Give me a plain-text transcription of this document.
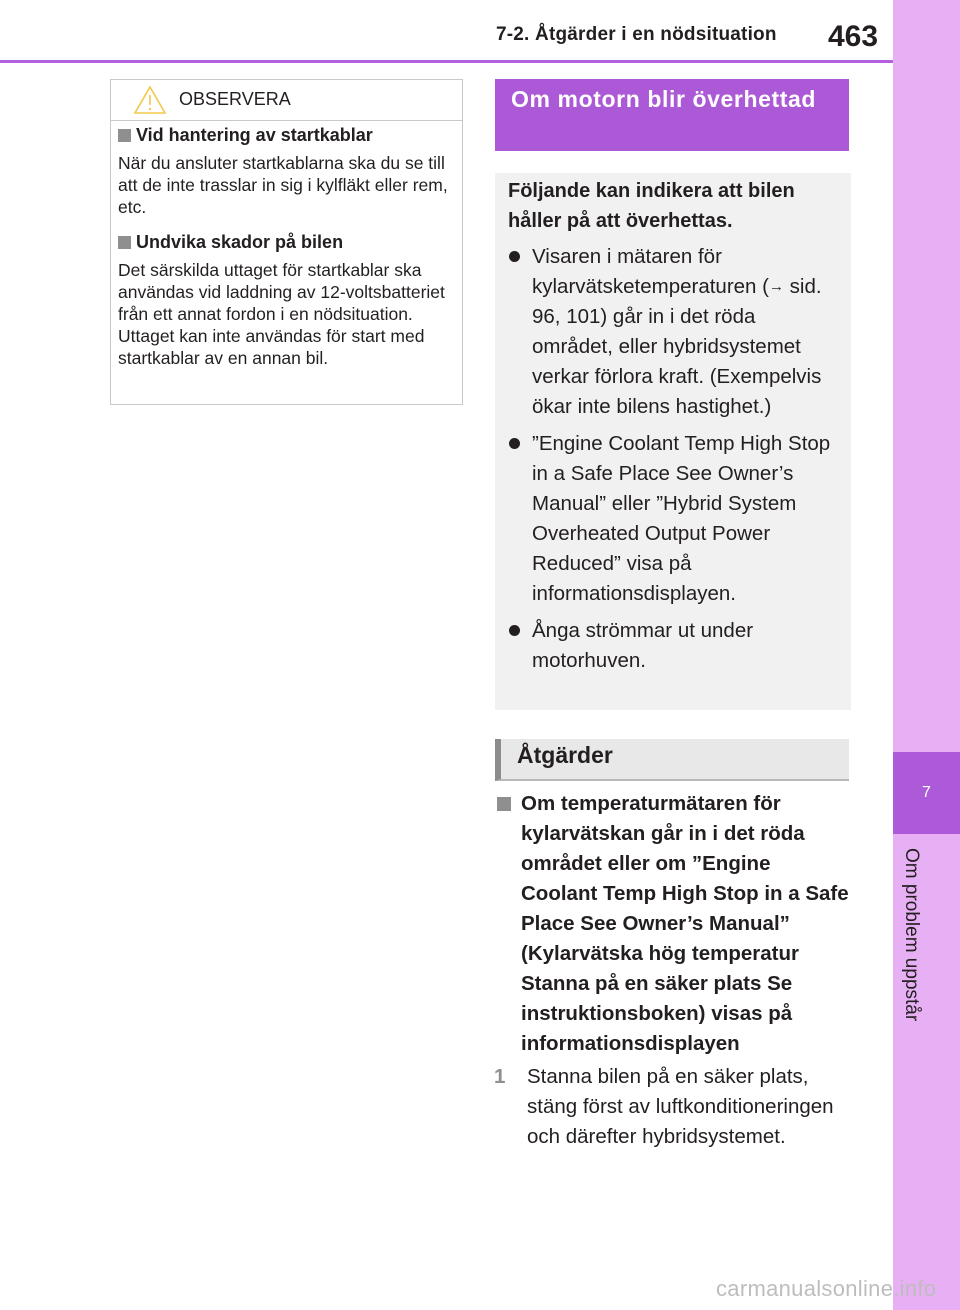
7-2. Åtgärder i en nödsituation 463
7
Om problem uppstår
OBSERVERA
Vid hantering av startkablar

När du ansluter startkablarna ska du se till att de inte trasslar in sig i kylfläkt eller rem, etc.

Undvika skador på bilen

Det särskilda uttaget för startkablar ska användas vid laddning av 12-voltsbatteriet från ett annat fordon i en nödsituation. Uttaget kan inte användas för start med startkablar av en annan bil.

Om motorn blir överhettad

Följande kan indikera att bilen håller på att överhettas.

Visaren i mätaren för kylarvätsketemperaturen (→ sid. 96, 101) går in i det röda området, eller hybridsystemet verkar förlora kraft. (Exempelvis ökar inte bilens hastighet.)
”Engine Coolant Temp High Stop in a Safe Place See Owner’s Manual” eller ”Hybrid System Overheated Output Power Reduced” visa på informationsdisplayen.
Ånga strömmar ut under motorhuven.
Åtgärder
Om temperaturmätaren för kylarvätskan går in i det röda området eller om ”Engine Coolant Temp High Stop in a Safe Place See Owner’s Manual” (Kylarvätska hög temperatur Stanna på en säker plats Se instruktionsboken) visas på informationsdisplayen
1 Stanna bilen på en säker plats, stäng först av luftkonditioneringen och därefter hybridsystemet.
carmanualsonline.info
